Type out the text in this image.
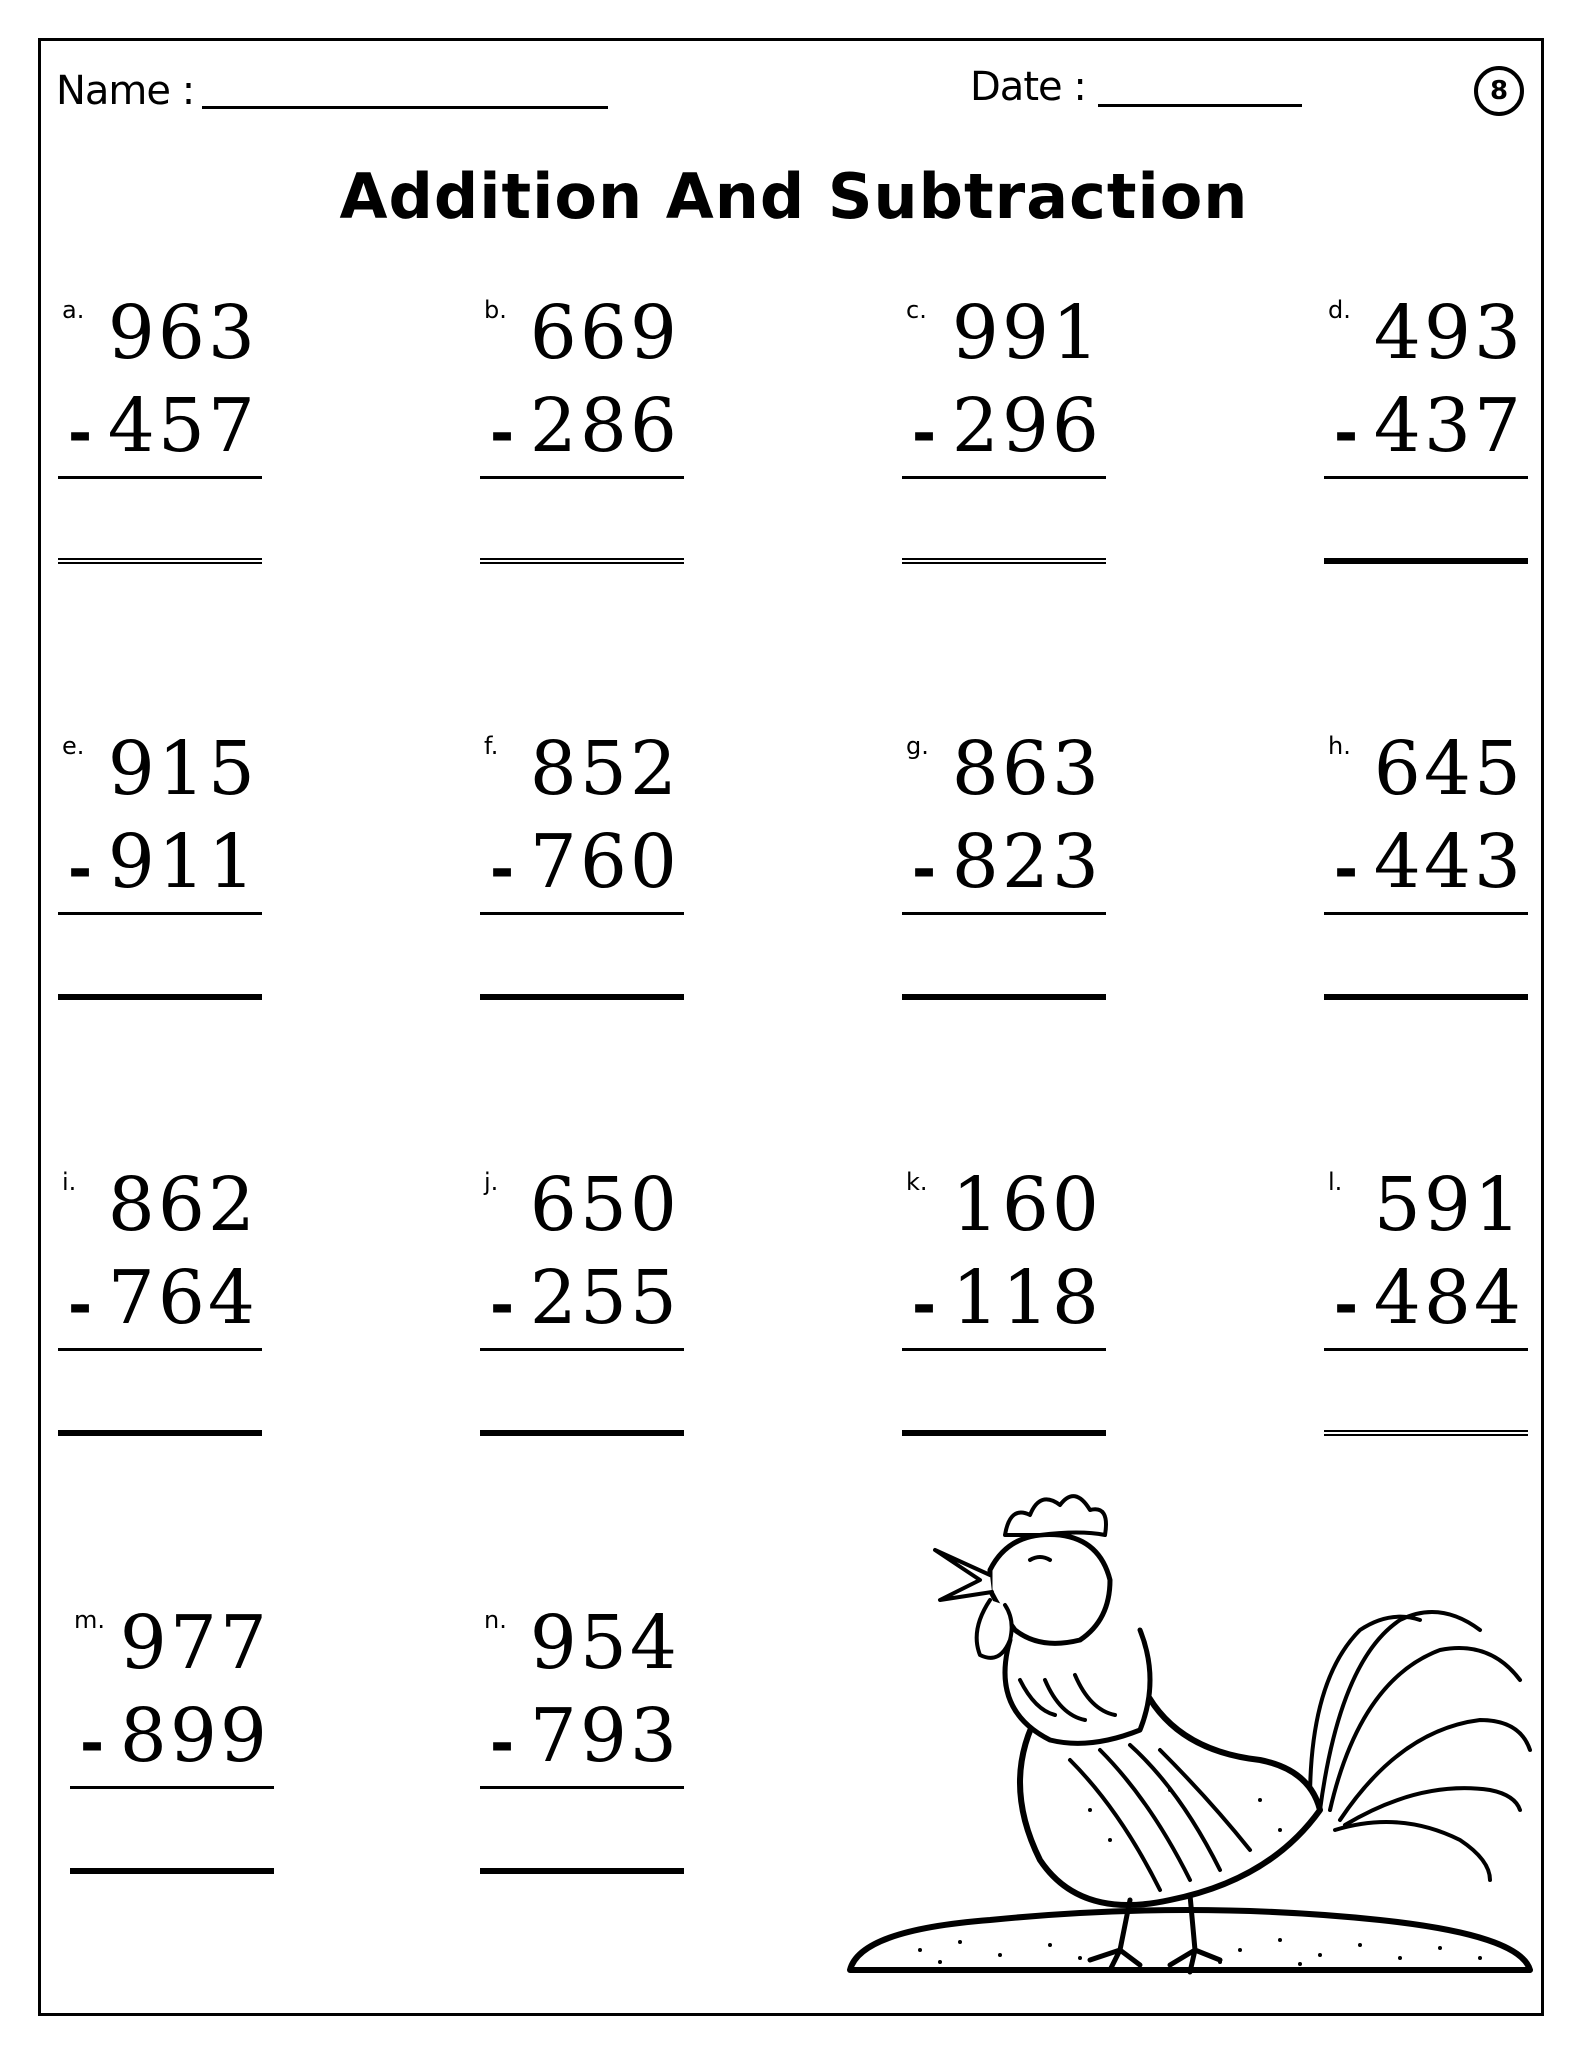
Name :	Date :	8
Addition And Subtraction
a. 963
- 457
b. 669
- 286
c. 991
- 296
d. 493
- 437
e. 915
- 911
f. 852
- 760
g. 863
- 823
h. 645
- 443
i. 862
- 764
j. 650
- 255
k. 160
- 118
l. 591
- 484
m. 977
- 899
n. 954
- 793
